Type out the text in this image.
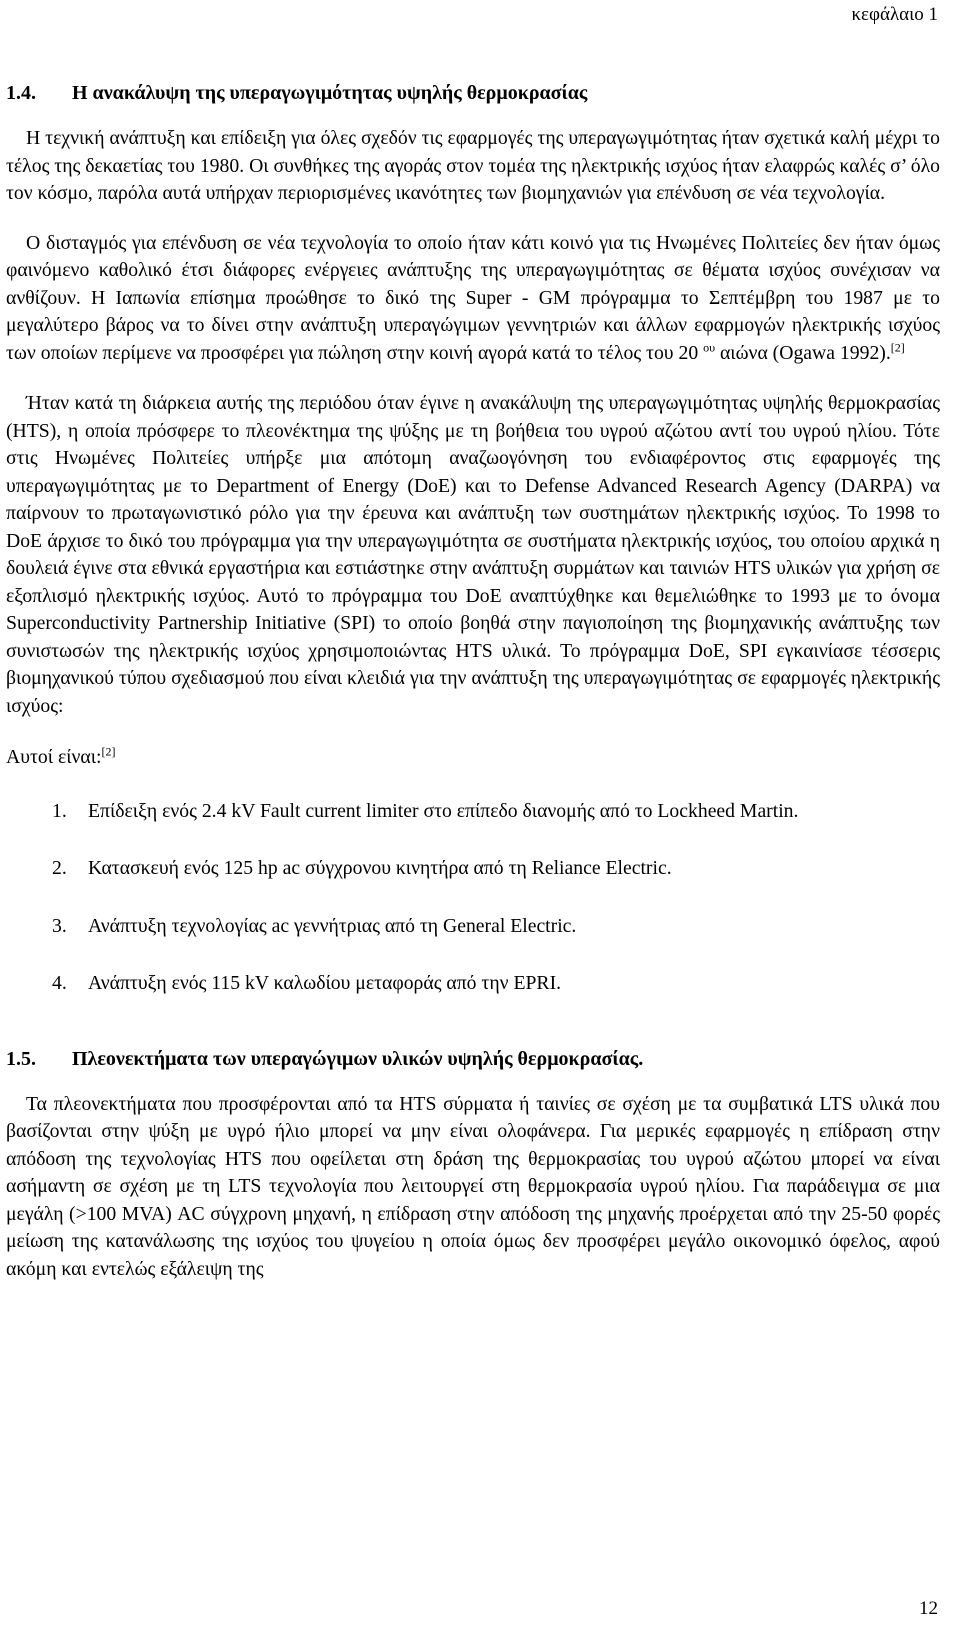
κεφάλαιο 1
1.4.	Η ανακάλυψη της υπεραγωγιμότητας υψηλής θερμοκρασίας

Η τεχνική ανάπτυξη και επίδειξη για όλες σχεδόν τις εφαρμογές της υπεραγωγιμότητας ήταν σχετικά καλή μέχρι το τέλος της δεκαετίας του 1980. Οι συνθήκες της αγοράς στον τομέα της ηλεκτρικής ισχύος ήταν ελαφρώς καλές σ’ όλο τον κόσμο, παρόλα αυτά υπήρχαν περιορισμένες ικανότητες των βιομηχανιών για επένδυση σε νέα τεχνολογία.

Ο δισταγμός για επένδυση σε νέα τεχνολογία το οποίο ήταν κάτι κοινό για τις Ηνωμένες Πολιτείες δεν ήταν όμως φαινόμενο καθολικό έτσι διάφορες ενέργειες ανάπτυξης της υπεραγωγιμότητας σε θέματα ισχύος συνέχισαν να ανθίζουν. Η Ιαπωνία επίσημα προώθησε το δικό της Super - GM πρόγραμμα το Σεπτέμβρη του 1987 με το μεγαλύτερο βάρος να το δίνει στην ανάπτυξη υπεραγώγιμων γεννητριών και άλλων εφαρμογών ηλεκτρικής ισχύος των οποίων περίμενε να προσφέρει για πώληση στην κοινή αγορά κατά το τέλος του 20 $^{o\upsilon}$ αιώνα (Ogawa 1992).[2]

Ήταν κατά τη διάρκεια αυτής της περιόδου όταν έγινε η ανακάλυψη της υπεραγωγιμότητας υψηλής θερμοκρασίας (HTS), η οποία πρόσφερε το πλεονέκτημα της ψύξης με τη βοήθεια του υγρού αζώτου αντί του υγρού ηλίου. Τότε στις Ηνωμένες Πολιτείες υπήρξε μια απότομη αναζωογόνηση του ενδιαφέροντος στις εφαρμογές της υπεραγωγιμότητας με το Department of Energy (DoE) και το Defense Advanced Research Agency (DARPA) να παίρνουν το πρωταγωνιστικό ρόλο για την έρευνα και ανάπτυξη των συστημάτων ηλεκτρικής ισχύος. Το 1998 το DoE άρχισε το δικό του πρόγραμμα για την υπεραγωγιμότητα σε συστήματα ηλεκτρικής ισχύος, του οποίου αρχικά η δουλειά έγινε στα εθνικά εργαστήρια και εστιάστηκε στην ανάπτυξη συρμάτων και ταινιών HTS υλικών για χρήση σε εξοπλισμό ηλεκτρικής ισχύος. Αυτό το πρόγραμμα του DoE αναπτύχθηκε και θεμελιώθηκε το 1993 με το όνομα Superconductivity Partnership Initiative (SPI) το οποίο βοηθά στην παγιοποίηση της βιομηχανικής ανάπτυξης των συνιστωσών της ηλεκτρικής ισχύος χρησιμοποιώντας HTS υλικά. Το πρόγραμμα DoE, SPI εγκαινίασε τέσσερις βιομηχανικού τύπου σχεδιασμού που είναι κλειδιά για την ανάπτυξη της υπεραγωγιμότητας σε εφαρμογές ηλεκτρικής ισχύος:

Αυτοί είναι:[2]
1.	Επίδειξη ενός 2.4 kV Fault current limiter στο επίπεδο διανομής από το Lockheed Martin.
2.	Κατασκευή ενός 125 hp ac σύγχρονου κινητήρα από τη Reliance Electric.
3.	Ανάπτυξη τεχνολογίας ac γεννήτριας από τη General Electric.
4.	Ανάπτυξη ενός 115 kV καλωδίου μεταφοράς από την EPRI.
1.5.	Πλεονεκτήματα των υπεραγώγιμων υλικών υψηλής θερμοκρασίας.

Τα πλεονεκτήματα που προσφέρονται από τα HTS σύρματα ή ταινίες σε σχέση με τα συμβατικά LTS υλικά που βασίζονται στην ψύξη με υγρό ήλιο μπορεί να μην είναι ολοφάνερα. Για μερικές εφαρμογές η επίδραση στην απόδοση της τεχνολογίας HTS που οφείλεται στη δράση της θερμοκρασίας του υγρού αζώτου μπορεί να είναι ασήμαντη σε σχέση με τη LTS τεχνολογία που λειτουργεί στη θερμοκρασία υγρού ηλίου. Για παράδειγμα σε μια μεγάλη (>100 MVA) AC σύγχρονη μηχανή, η επίδραση στην απόδοση της μηχανής προέρχεται από την 25-50 φορές μείωση της κατανάλωσης της ισχύος του ψυγείου η οποία όμως δεν προσφέρει μεγάλο οικονομικό όφελος, αφού ακόμη και εντελώς εξάλειψη της

12
